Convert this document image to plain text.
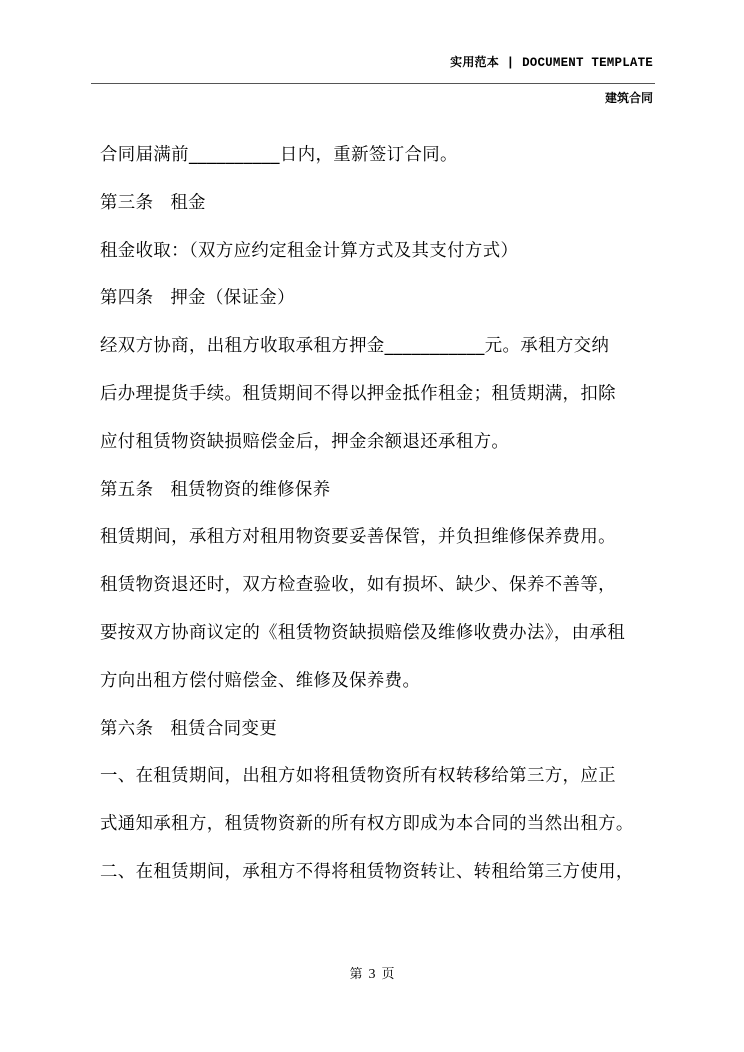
实用范本 | DOCUMENT TEMPLATE
建筑合同
合同届满前__________日内，重新签订合同。
第三条 租金
租金收取：（双方应约定租金计算方式及其支付方式）
第四条 押金（保证金）
经双方协商，出租方收取承租方押金___________元。承租方交纳
后办理提货手续。租赁期间不得以押金抵作租金；租赁期满，扣除
应付租赁物资缺损赔偿金后，押金余额退还承租方。
第五条 租赁物资的维修保养
租赁期间，承租方对租用物资要妥善保管，并负担维修保养费用。
租赁物资退还时，双方检查验收，如有损坏、缺少、保养不善等，
要按双方协商议定的《租赁物资缺损赔偿及维修收费办法》，由承租
方向出租方偿付赔偿金、维修及保养费。
第六条 租赁合同变更
一、在租赁期间，出租方如将租赁物资所有权转移给第三方，应正
式通知承租方，租赁物资新的所有权方即成为本合同的当然出租方。
二、在租赁期间，承租方不得将租赁物资转让、转租给第三方使用，
第 3 页
